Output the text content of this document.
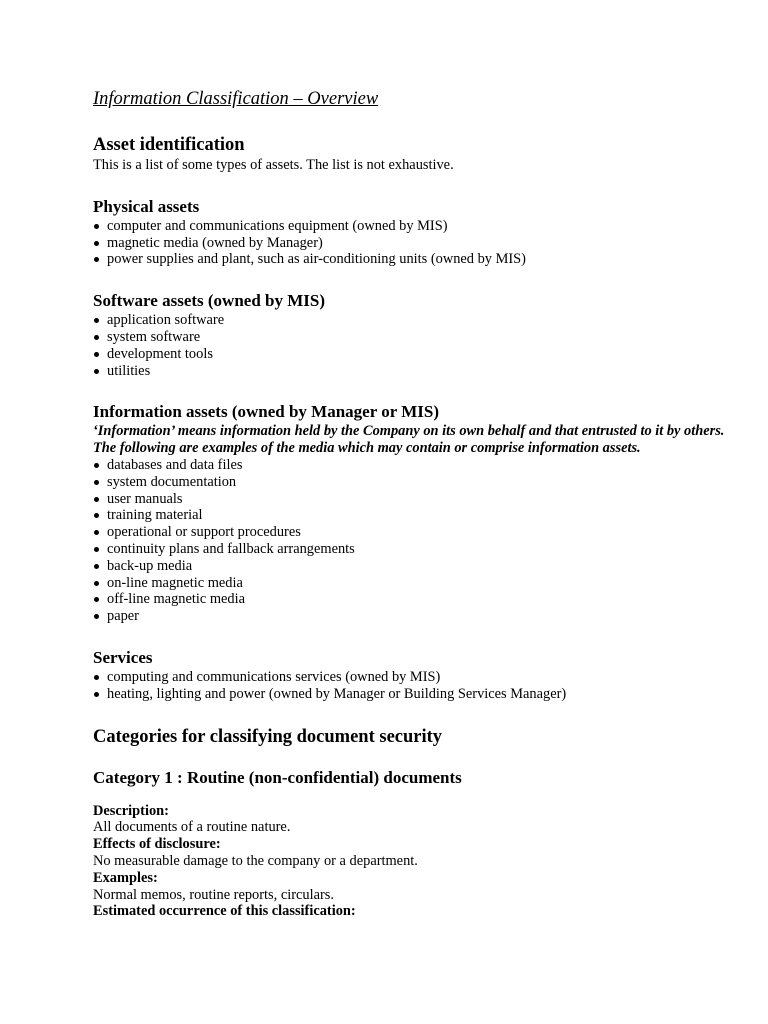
Information Classification – Overview
Asset identification

This is a list of some types of assets. The list is not exhaustive.

Physical assets
computer and communications equipment (owned by MIS)
magnetic media (owned by Manager)
power supplies and plant, such as air-conditioning units (owned by MIS)
Software assets (owned by MIS)
application software
system software
development tools
utilities
Information assets (owned by Manager or MIS)

‘Information’ means information held by the Company on its own behalf and that entrusted to it by others. The following are examples of the media which may contain or comprise information assets.

databases and data files
system documentation
user manuals
training material
operational or support procedures
continuity plans and fallback arrangements
back-up media
on-line magnetic media
off-line magnetic media
paper
Services
computing and communications services (owned by MIS)
heating, lighting and power (owned by Manager or Building Services Manager)
Categories for classifying document security
Category 1 : Routine (non-confidential) documents

Description:

All documents of a routine nature.

Effects of disclosure:

No measurable damage to the company or a department.

Examples:

Normal memos, routine reports, circulars.

Estimated occurrence of this classification:
